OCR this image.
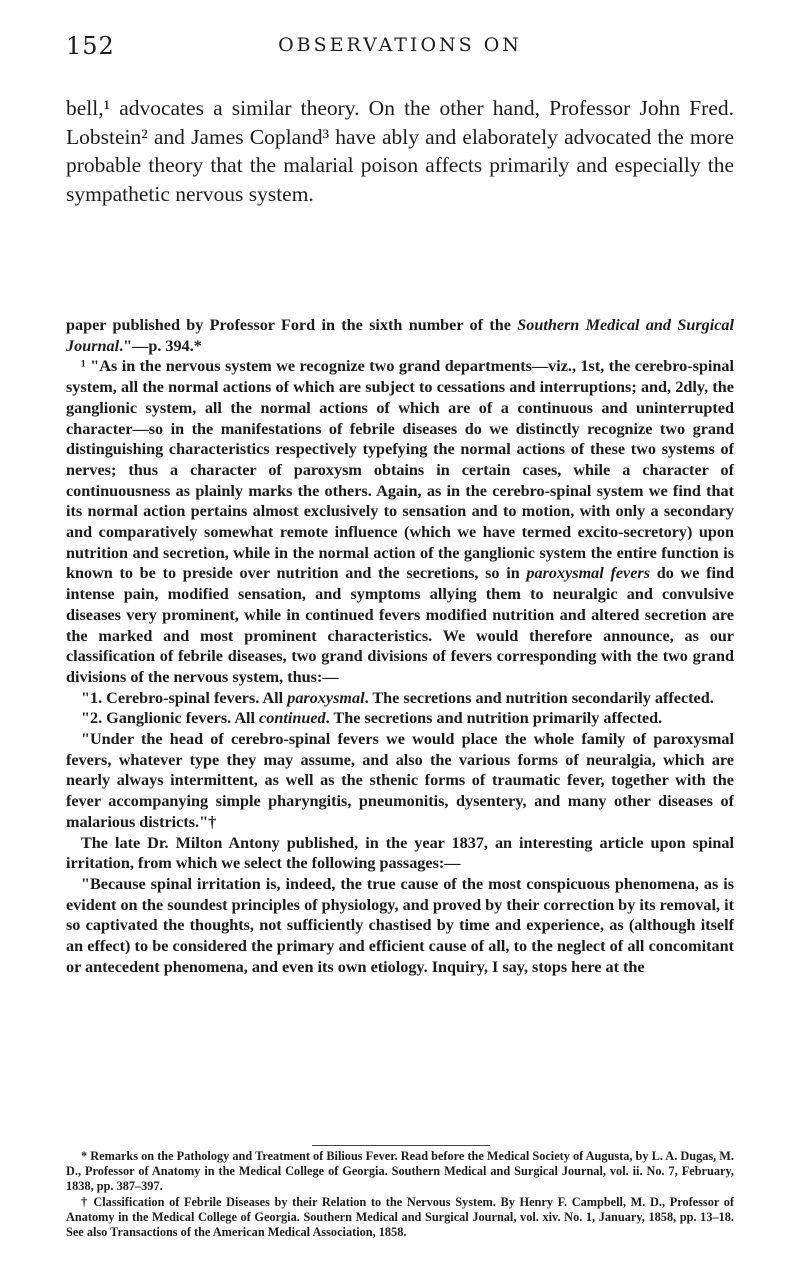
152	OBSERVATIONS ON

bell,¹ advocates a similar theory. On the other hand, Professor John Fred. Lobstein² and James Copland³ have ably and elaborately advocated the more probable theory that the malarial poison affects primarily and especially the sympathetic nervous system.

paper published by Professor Ford in the sixth number of the Southern Medical and Surgical Journal."—p. 394.*

¹ "As in the nervous system we recognize two grand departments—viz., 1st, the cerebro-spinal system, all the normal actions of which are subject to cessations and interruptions; and, 2dly, the ganglionic system, all the normal actions of which are of a continuous and uninterrupted character—so in the manifestations of febrile diseases do we distinctly recognize two grand distinguishing characteristics respectively typefying the normal actions of these two systems of nerves; thus a character of paroxysm obtains in certain cases, while a character of continuousness as plainly marks the others. Again, as in the cerebro-spinal system we find that its normal action pertains almost exclusively to sensation and to motion, with only a secondary and comparatively somewhat remote influence (which we have termed excito-secretory) upon nutrition and secretion, while in the normal action of the ganglionic system the entire function is known to be to preside over nutrition and the secretions, so in paroxysmal fevers do we find intense pain, modified sensation, and symptoms allying them to neuralgic and convulsive diseases very prominent, while in continued fevers modified nutrition and altered secretion are the marked and most prominent characteristics. We would therefore announce, as our classification of febrile diseases, two grand divisions of fevers corresponding with the two grand divisions of the nervous system, thus:—

"1. Cerebro-spinal fevers. All paroxysmal. The secretions and nutrition secondarily affected.

"2. Ganglionic fevers. All continued. The secretions and nutrition primarily affected.

"Under the head of cerebro-spinal fevers we would place the whole family of paroxysmal fevers, whatever type they may assume, and also the various forms of neuralgia, which are nearly always intermittent, as well as the sthenic forms of traumatic fever, together with the fever accompanying simple pharyngitis, pneumonitis, dysentery, and many other diseases of malarious districts."†

The late Dr. Milton Antony published, in the year 1837, an interesting article upon spinal irritation, from which we select the following passages:—

"Because spinal irritation is, indeed, the true cause of the most conspicuous phenomena, as is evident on the soundest principles of physiology, and proved by their correction by its removal, it so captivated the thoughts, not sufficiently chastised by time and experience, as (although itself an effect) to be considered the primary and efficient cause of all, to the neglect of all concomitant or antecedent phenomena, and even its own etiology. Inquiry, I say, stops here at the

* Remarks on the Pathology and Treatment of Bilious Fever. Read before the Medical Society of Augusta, by L. A. Dugas, M. D., Professor of Anatomy in the Medical College of Georgia. Southern Medical and Surgical Journal, vol. ii. No. 7, February, 1838, pp. 387–397.

† Classification of Febrile Diseases by their Relation to the Nervous System. By Henry F. Campbell, M. D., Professor of Anatomy in the Medical College of Georgia. Southern Medical and Surgical Journal, vol. xiv. No. 1, January, 1858, pp. 13–18. See also Transactions of the American Medical Association, 1858.
